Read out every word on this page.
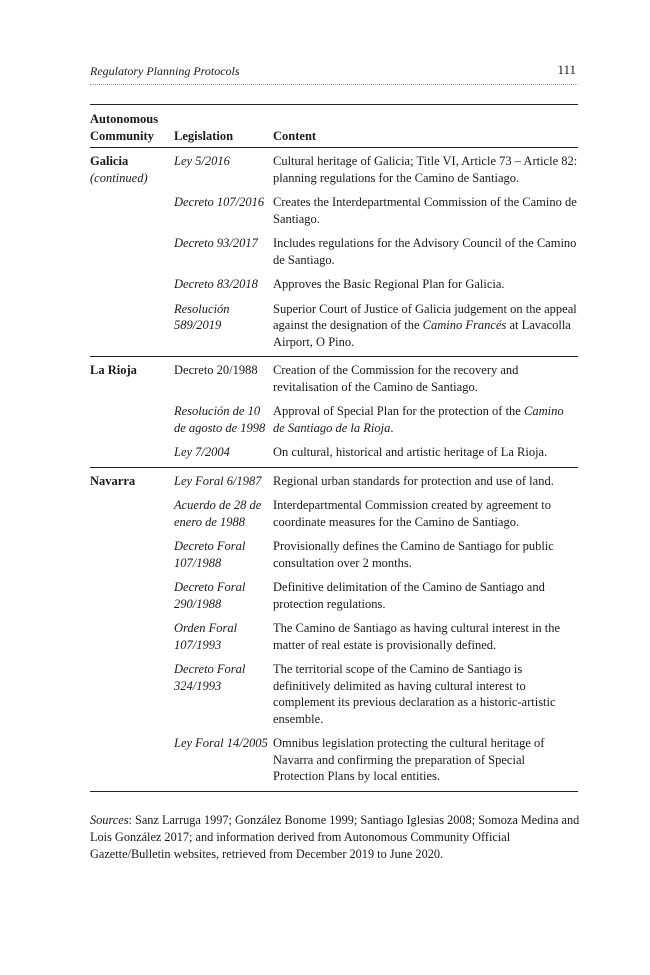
Regulatory Planning Protocols	111
Autonomous
Community	Legislation	Content
Galicia
(continued)	Ley 5/2016	Cultural heritage of Galicia; Title VI, Article 73 – Article 82: planning regulations for the Camino de Santiago.
	Decreto 107/2016	Creates the Interdepartmental Commission of the Camino de Santiago.
	Decreto 93/2017	Includes regulations for the Advisory Council of the Camino de Santiago.
	Decreto 83/2018	Approves the Basic Regional Plan for Galicia.
	Resolución 589/2019	Superior Court of Justice of Galicia judgement on the appeal against the designation of the Camino Francés at Lavacolla Airport, O Pino.
La Rioja	Decreto 20/1988	Creation of the Commission for the recovery and revitalisation of the Camino de Santiago.
	Resolución de 10 de agosto de 1998	Approval of Special Plan for the protection of the Camino de Santiago de la Rioja.
	Ley 7/2004	On cultural, historical and artistic heritage of La Rioja.
Navarra	Ley Foral 6/1987	Regional urban standards for protection and use of land.
	Acuerdo de 28 de enero de 1988	Interdepartmental Commission created by agreement to coordinate measures for the Camino de Santiago.
	Decreto Foral 107/1988	Provisionally defines the Camino de Santiago for public consultation over 2 months.
	Decreto Foral 290/1988	Definitive delimitation of the Camino de Santiago and protection regulations.
	Orden Foral 107/1993	The Camino de Santiago as having cultural interest in the matter of real estate is provisionally defined.
	Decreto Foral 324/1993	The territorial scope of the Camino de Santiago is definitively delimited as having cultural interest to complement its previous declaration as a historic-artistic ensemble.
	Ley Foral 14/2005	Omnibus legislation protecting the cultural heritage of Navarra and confirming the preparation of Special Protection Plans by local entities.
Sources: Sanz Larruga 1997; González Bonome 1999; Santiago Iglesias 2008; Somoza Medina and Lois González 2017; and information derived from Autonomous Community Official Gazette/Bulletin websites, retrieved from December 2019 to June 2020.
